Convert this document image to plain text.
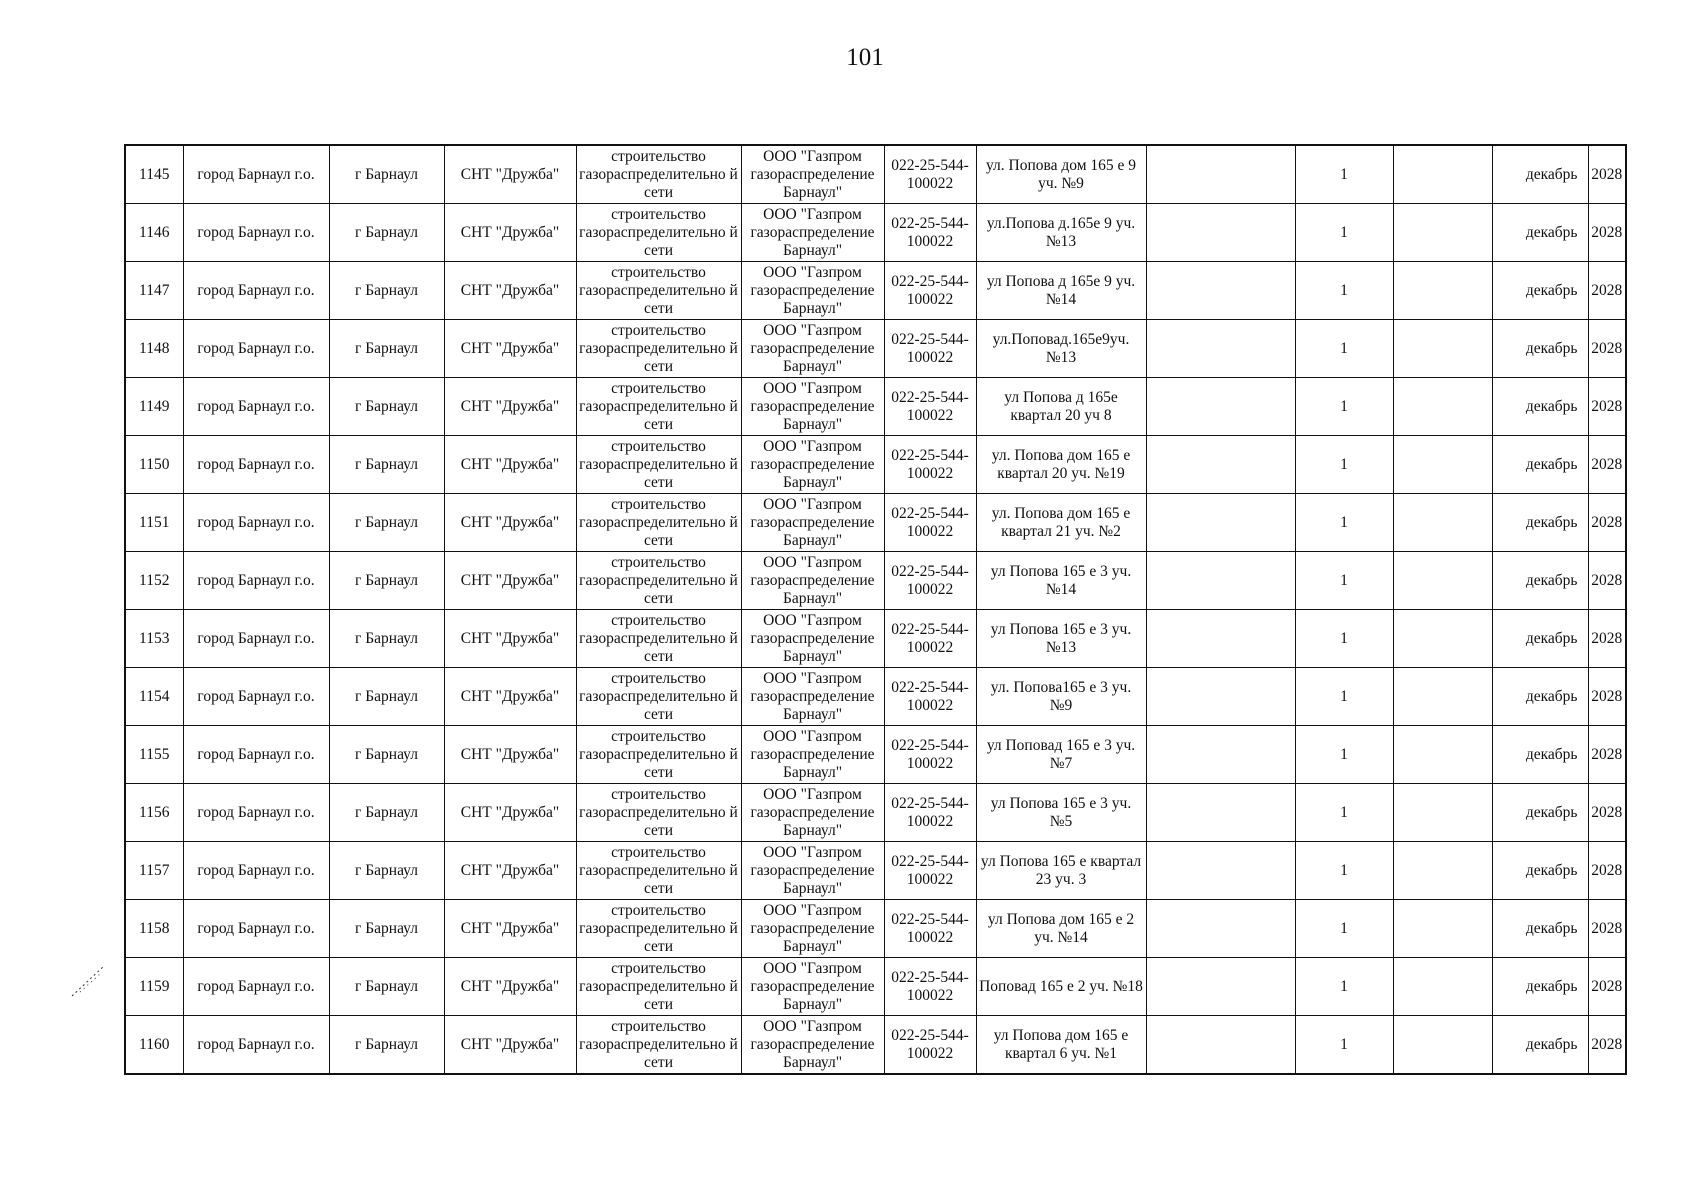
101
1145	город Барнаул г.о.	г Барнаул	СНТ "Дружба"	строительство газораспределительно й сети	ООО "Газпром газораспределение Барнаул"	022-25-544-100022	ул. Попова дом 165 е 9 уч. №9		1		декабрь	2028
1146	город Барнаул г.о.	г Барнаул	СНТ "Дружба"	строительство газораспределительно й сети	ООО "Газпром газораспределение Барнаул"	022-25-544-100022	ул.Попова д.165е 9 уч. №13		1		декабрь	2028
1147	город Барнаул г.о.	г Барнаул	СНТ "Дружба"	строительство газораспределительно й сети	ООО "Газпром газораспределение Барнаул"	022-25-544-100022	ул Попова д 165е 9 уч. №14		1		декабрь	2028
1148	город Барнаул г.о.	г Барнаул	СНТ "Дружба"	строительство газораспределительно й сети	ООО "Газпром газораспределение Барнаул"	022-25-544-100022	ул.Поповад.165е9уч. №13		1		декабрь	2028
1149	город Барнаул г.о.	г Барнаул	СНТ "Дружба"	строительство газораспределительно й сети	ООО "Газпром газораспределение Барнаул"	022-25-544-100022	ул Попова д 165е квартал 20 уч 8		1		декабрь	2028
1150	город Барнаул г.о.	г Барнаул	СНТ "Дружба"	строительство газораспределительно й сети	ООО "Газпром газораспределение Барнаул"	022-25-544-100022	ул. Попова дом 165 е квартал 20 уч. №19		1		декабрь	2028
1151	город Барнаул г.о.	г Барнаул	СНТ "Дружба"	строительство газораспределительно й сети	ООО "Газпром газораспределение Барнаул"	022-25-544-100022	ул. Попова дом 165 е квартал 21 уч. №2		1		декабрь	2028
1152	город Барнаул г.о.	г Барнаул	СНТ "Дружба"	строительство газораспределительно й сети	ООО "Газпром газораспределение Барнаул"	022-25-544-100022	ул Попова 165 е 3 уч. №14		1		декабрь	2028
1153	город Барнаул г.о.	г Барнаул	СНТ "Дружба"	строительство газораспределительно й сети	ООО "Газпром газораспределение Барнаул"	022-25-544-100022	ул Попова 165 е 3 уч. №13		1		декабрь	2028
1154	город Барнаул г.о.	г Барнаул	СНТ "Дружба"	строительство газораспределительно й сети	ООО "Газпром газораспределение Барнаул"	022-25-544-100022	ул. Попова165 е 3 уч. №9		1		декабрь	2028
1155	город Барнаул г.о.	г Барнаул	СНТ "Дружба"	строительство газораспределительно й сети	ООО "Газпром газораспределение Барнаул"	022-25-544-100022	ул Поповад 165 е 3 уч. №7		1		декабрь	2028
1156	город Барнаул г.о.	г Барнаул	СНТ "Дружба"	строительство газораспределительно й сети	ООО "Газпром газораспределение Барнаул"	022-25-544-100022	ул Попова 165 е 3 уч. №5		1		декабрь	2028
1157	город Барнаул г.о.	г Барнаул	СНТ "Дружба"	строительство газораспределительно й сети	ООО "Газпром газораспределение Барнаул"	022-25-544-100022	ул Попова 165 е квартал 23 уч. 3		1		декабрь	2028
1158	город Барнаул г.о.	г Барнаул	СНТ "Дружба"	строительство газораспределительно й сети	ООО "Газпром газораспределение Барнаул"	022-25-544-100022	ул Попова дом 165 е 2 уч. №14		1		декабрь	2028
1159	город Барнаул г.о.	г Барнаул	СНТ "Дружба"	строительство газораспределительно й сети	ООО "Газпром газораспределение Барнаул"	022-25-544-100022	Поповад 165 е 2 уч. №18		1		декабрь	2028
1160	город Барнаул г.о.	г Барнаул	СНТ "Дружба"	строительство газораспределительно й сети	ООО "Газпром газораспределение Барнаул"	022-25-544-100022	ул Попова дом 165 е квартал 6 уч. №1		1		декабрь	2028
